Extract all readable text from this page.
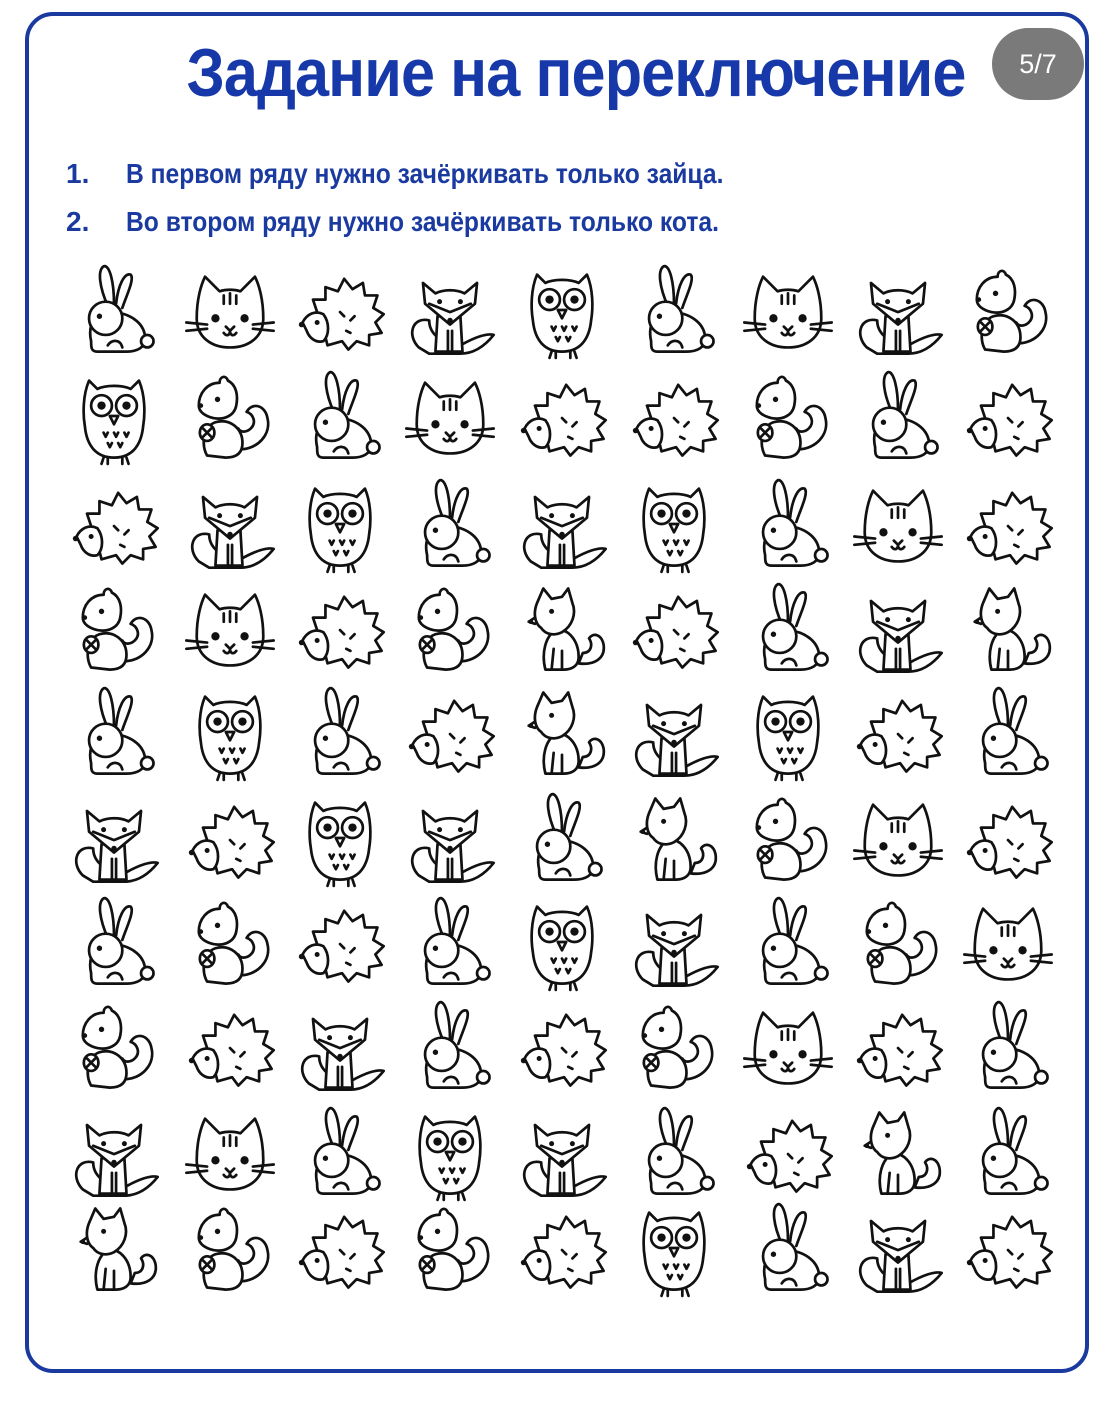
Задание на переключение	5/7
1.	В первом ряду нужно зачёркивать только зайца.
2.	Во втором ряду нужно зачёркивать только кота.
